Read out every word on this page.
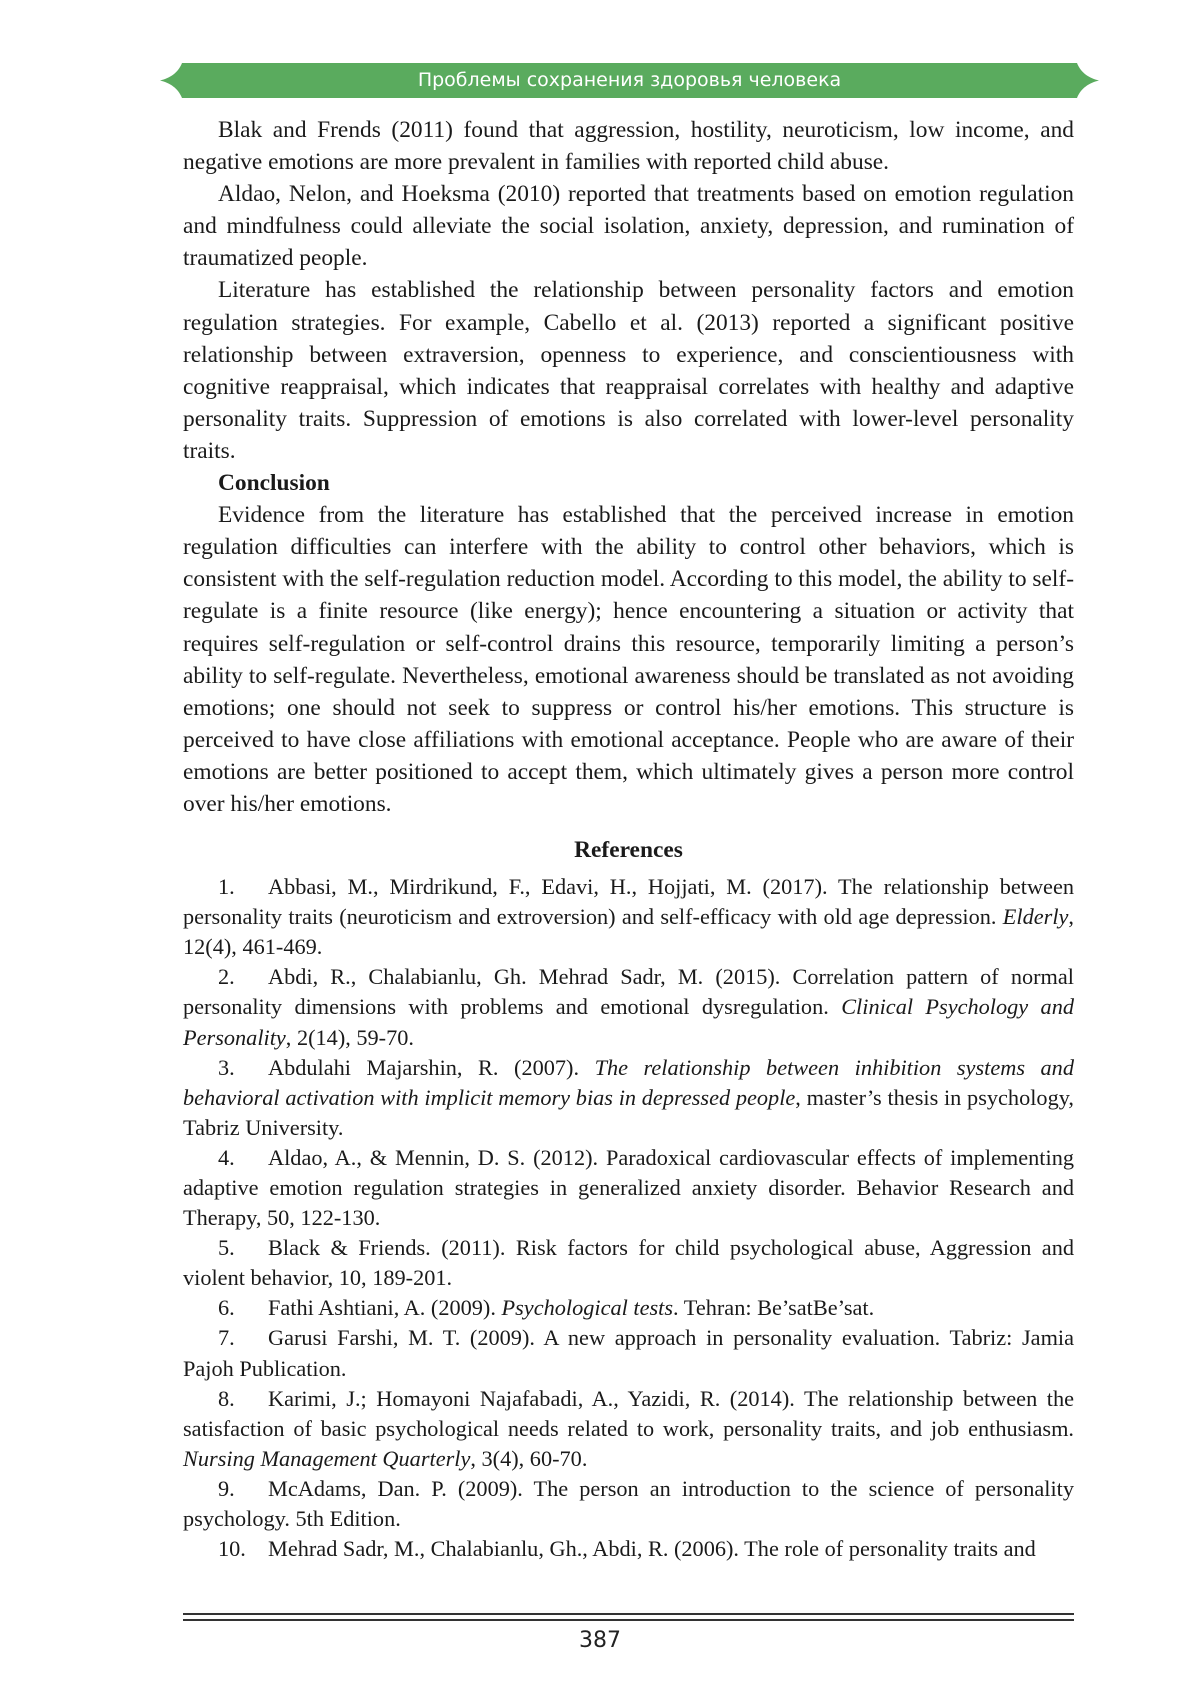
Проблемы сохранения здоровья человека

Blak and Frends (2011) found that aggression, hostility, neuroticism, low income, and negative emotions are more prevalent in families with reported child abuse.

Aldao, Nelon, and Hoeksma (2010) reported that treatments based on emotion regulation and mindfulness could alleviate the social isolation, anxiety, depression, and rumination of traumatized people.

Literature has established the relationship between personality factors and emotion regulation strategies. For example, Cabello et al. (2013) reported a significant positive relationship between extraversion, openness to experience, and conscientiousness with cognitive reappraisal, which indicates that reappraisal correlates with healthy and adaptive personality traits. Suppression of emotions is also correlated with lower-level personality traits.

Conclusion

Evidence from the literature has established that the perceived increase in emotion regulation difficulties can interfere with the ability to control other behaviors, which is consistent with the self-regulation reduction model. According to this model, the ability to self-regulate is a finite resource (like energy); hence encountering a situation or activity that requires self-regulation or self-control drains this resource, temporarily limiting a person’s ability to self-regulate. Nevertheless, emotional awareness should be translated as not avoiding emotions; one should not seek to suppress or control his/her emotions. This structure is perceived to have close affiliations with emotional acceptance. People who are aware of their emotions are better positioned to accept them, which ultimately gives a person more control over his/her emotions.

References
1. Abbasi, M., Mirdrikund, F., Edavi, H., Hojjati, M. (2017). The relationship between personality traits (neuroticism and extroversion) and self-efficacy with old age depression. Elderly, 12(4), 461-469.
2. Abdi, R., Chalabianlu, Gh. Mehrad Sadr, M. (2015). Correlation pattern of normal personality dimensions with problems and emotional dysregulation. Clinical Psychology and Personality, 2(14), 59-70.
3. Abdulahi Majarshin, R. (2007). The relationship between inhibition systems and behavioral activation with implicit memory bias in depressed people, master’s thesis in psychology, Tabriz University.
4. Aldao, A., & Mennin, D. S. (2012). Paradoxical cardiovascular effects of implementing adaptive emotion regulation strategies in generalized anxiety disorder. Behavior Research and Therapy, 50, 122-130.
5. Black & Friends. (2011). Risk factors for child psychological abuse, Aggression and violent behavior, 10, 189-201.
6. Fathi Ashtiani, A. (2009). Psychological tests. Tehran: Be’satBe’sat.
7. Garusi Farshi, M. T. (2009). A new approach in personality evaluation. Tabriz: Jamia Pajoh Publication.
8. Karimi, J.; Homayoni Najafabadi, A., Yazidi, R. (2014). The relationship between the satisfaction of basic psychological needs related to work, personality traits, and job enthusiasm. Nursing Management Quarterly, 3(4), 60-70.
9. McAdams, Dan. P. (2009). The person an introduction to the science of personality psychology. 5th Edition.
10. Mehrad Sadr, M., Chalabianlu, Gh., Abdi, R. (2006). The role of personality traits and
387
